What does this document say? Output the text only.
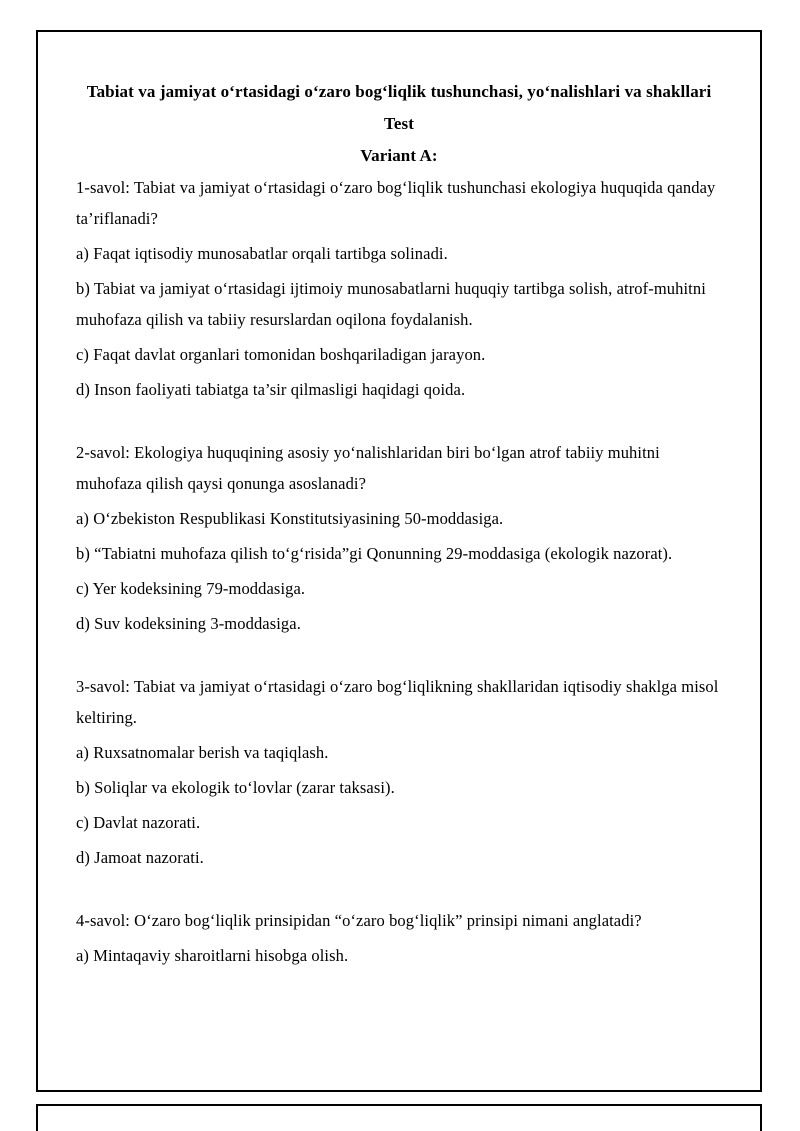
Tabiat va jamiyat o‘rtasidagi o‘zaro bog‘liqlik tushunchasi, yo‘nalishlari va shakllari

Test

Variant A:

1-savol: Tabiat va jamiyat o‘rtasidagi o‘zaro bog‘liqlik tushunchasi ekologiya huquqida qanday ta’riflanadi?

a) Faqat iqtisodiy munosabatlar orqali tartibga solinadi.

b) Tabiat va jamiyat o‘rtasidagi ijtimoiy munosabatlarni huquqiy tartibga solish, atrof-muhitni muhofaza qilish va tabiiy resurslardan oqilona foydalanish.

c) Faqat davlat organlari tomonidan boshqariladigan jarayon.

d) Inson faoliyati tabiatga ta’sir qilmasligi haqidagi qoida.

2-savol: Ekologiya huquqining asosiy yo‘nalishlaridan biri bo‘lgan atrof tabiiy muhitni muhofaza qilish qaysi qonunga asoslanadi?

a) O‘zbekiston Respublikasi Konstitutsiyasining 50-moddasiga.

b) “Tabiatni muhofaza qilish to‘g‘risida”gi Qonunning 29-moddasiga (ekologik nazorat).

c) Yer kodeksining 79-moddasiga.

d) Suv kodeksining 3-moddasiga.

3-savol: Tabiat va jamiyat o‘rtasidagi o‘zaro bog‘liqlikning shakllaridan iqtisodiy shaklga misol keltiring.

a) Ruxsatnomalar berish va taqiqlash.

b) Soliqlar va ekologik to‘lovlar (zarar taksasi).

c) Davlat nazorati.

d) Jamoat nazorati.

4-savol: O‘zaro bog‘liqlik prinsipidan “o‘zaro bog‘liqlik” prinsipi nimani anglatadi?

a) Mintaqaviy sharoitlarni hisobga olish.
